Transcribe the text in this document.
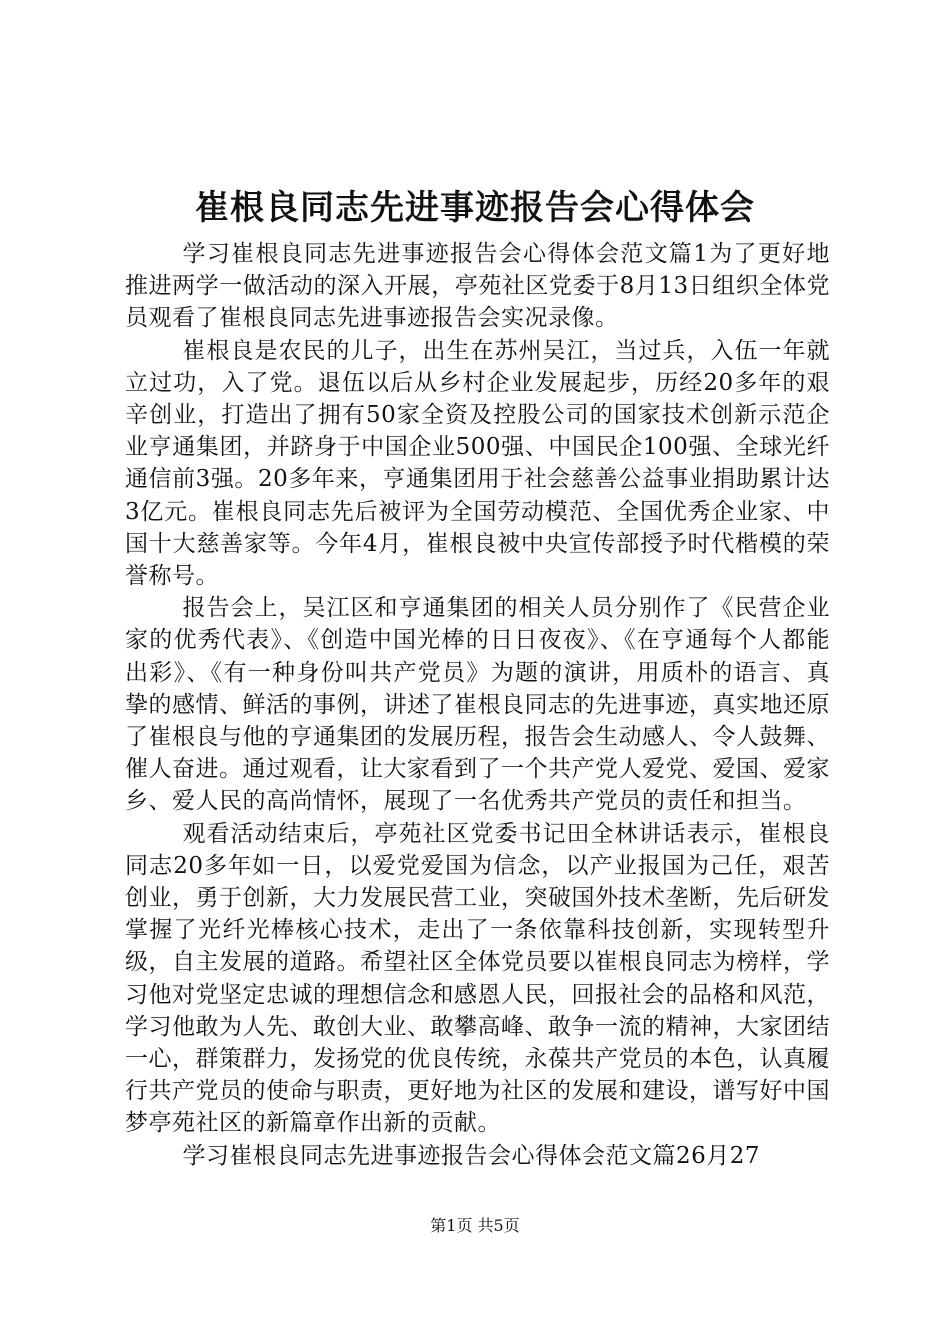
崔根良同志先进事迹报告会心得体会

学习崔根良同志先进事迹报告会心得体会范文篇1为了更好地推进两学一做活动的深入开展，亭苑社区党委于8月13日组织全体党员观看了崔根良同志先进事迹报告会实况录像。

崔根良是农民的儿子，出生在苏州吴江，当过兵，入伍一年就立过功，入了党。退伍以后从乡村企业发展起步，历经20多年的艰辛创业，打造出了拥有50家全资及控股公司的国家技术创新示范企业亨通集团，并跻身于中国企业500强、中国民企100强、全球光纤通信前3强。20多年来，亨通集团用于社会慈善公益事业捐助累计达3亿元。崔根良同志先后被评为全国劳动模范、全国优秀企业家、中国十大慈善家等。今年4月，崔根良被中央宣传部授予时代楷模的荣誉称号。

报告会上，吴江区和亨通集团的相关人员分别作了《民营企业家的优秀代表》、《创造中国光棒的日日夜夜》、《在亨通每个人都能出彩》、《有一种身份叫共产党员》为题的演讲，用质朴的语言、真挚的感情、鲜活的事例，讲述了崔根良同志的先进事迹，真实地还原了崔根良与他的亨通集团的发展历程，报告会生动感人、令人鼓舞、催人奋进。通过观看，让大家看到了一个共产党人爱党、爱国、爱家乡、爱人民的高尚情怀，展现了一名优秀共产党员的责任和担当。

观看活动结束后，亭苑社区党委书记田全林讲话表示，崔根良同志20多年如一日，以爱党爱国为信念，以产业报国为己任，艰苦创业，勇于创新，大力发展民营工业，突破国外技术垄断，先后研发掌握了光纤光棒核心技术，走出了一条依靠科技创新，实现转型升级，自主发展的道路。希望社区全体党员要以崔根良同志为榜样，学习他对党坚定忠诚的理想信念和感恩人民，回报社会的品格和风范，学习他敢为人先、敢创大业、敢攀高峰、敢争一流的精神，大家团结一心，群策群力，发扬党的优良传统，永葆共产党员的本色，认真履行共产党员的使命与职责，更好地为社区的发展和建设，谱写好中国梦亭苑社区的新篇章作出新的贡献。

学习崔根良同志先进事迹报告会心得体会范文篇26月27

第1页 共5页
